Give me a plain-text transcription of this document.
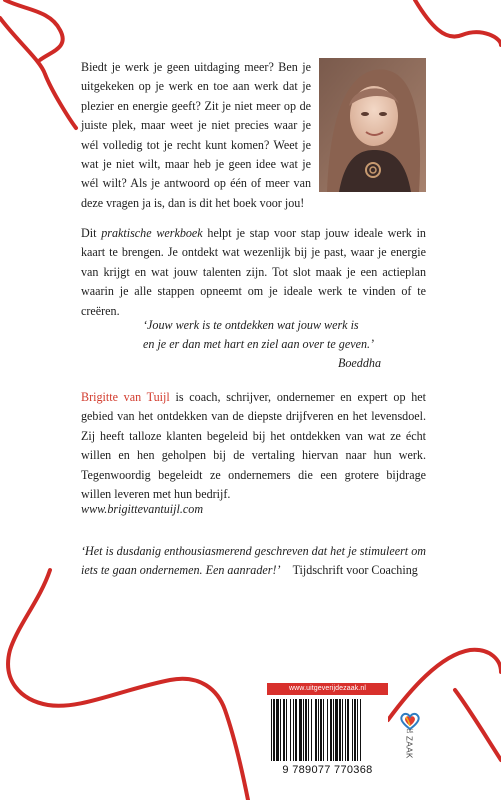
Biedt je werk je geen uitdaging meer? Ben je uitgekeken op je werk en toe aan werk dat je plezier en energie geeft? Zit je niet meer op de juiste plek, maar weet je niet precies waar je wél volledig tot je recht kunt komen? Weet je wat je niet wilt, maar heb je geen idee wat je wél wilt? Als je antwoord op één of meer van deze vragen ja is, dan is dit het boek voor jou!
Dit praktische werkboek helpt je stap voor stap jouw ideale werk in kaart te brengen. Je ontdekt wat wezenlijk bij je past, waar je energie van krijgt en wat jouw talenten zijn. Tot slot maak je een actieplan waarin je alle stappen opneemt om je ideale werk te vinden of te creëren.
‘Jouw werk is te ontdekken wat jouw werk is
en je er dan met hart en ziel aan over te geven.’

Boeddha
Brigitte van Tuijl is coach, schrijver, ondernemer en expert op het gebied van het ontdekken van de diepste drijfveren en het levensdoel. Zij heeft talloze klanten begeleid bij het ontdekken van wat ze écht willen en hen geholpen bij de vertaling hiervan naar hun werk. Tegenwoordig begeleidt ze ondernemers die een grotere bijdrage willen leveren met hun bedrijf.
www.brigittevantuijl.com
‘Het is dusdanig enthousiasmerend geschreven dat het je stimuleert om iets te gaan ondernemen. Een aanrader!’ Tijdschrift voor Coaching
www.uitgeverijdezaak.nl
9 789077 770368
DE
ZAAK
